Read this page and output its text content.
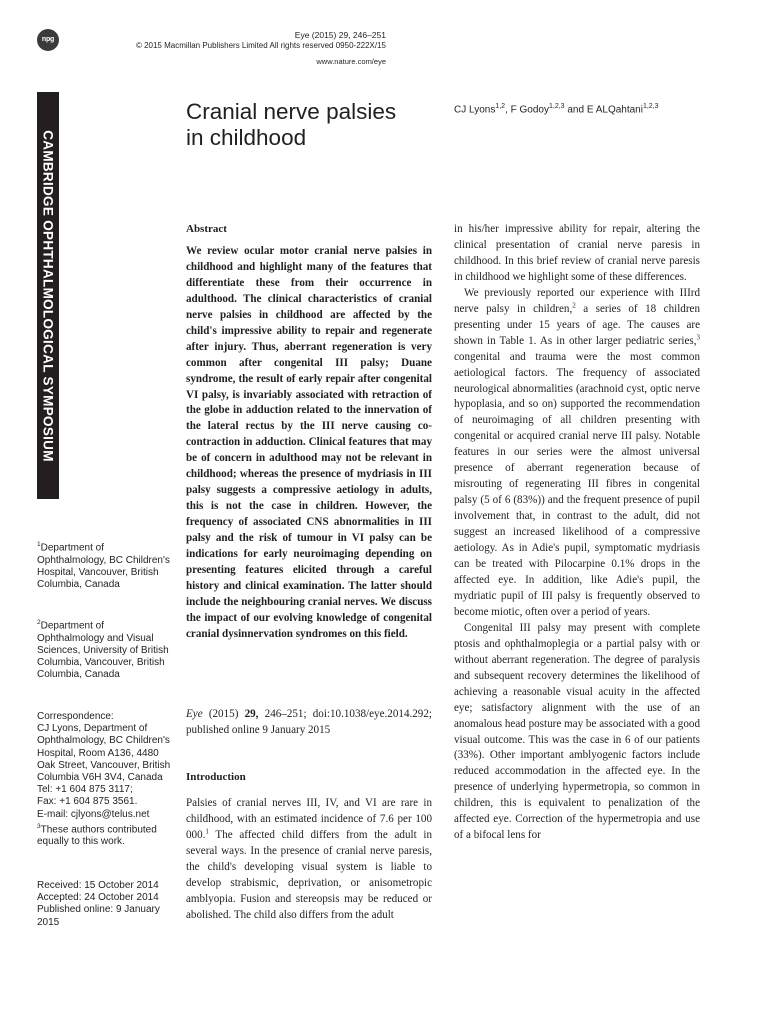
npg	Eye (2015) 29, 246–251
© 2015 Macmillan Publishers Limited All rights reserved 0950-222X/15
www.nature.com/eye
CAMBRIDGE OPHTHALMOLOGICAL SYMPOSIUM
Cranial nerve palsies
in childhood
CJ Lyons$^{1,2}$, F Godoy$^{1,2,3}$ and E ALQahtani$^{1,2,3}$

$^1$Department of Ophthalmology, BC Children's Hospital, Vancouver, British Columbia, Canada

$^2$Department of Ophthalmology and Visual Sciences, University of British Columbia, Vancouver, British Columbia, Canada

Correspondence:

CJ Lyons, Department of Ophthalmology, BC Children's Hospital, Room A136, 4480 Oak Street, Vancouver, British Columbia V6H 3V4, Canada

Tel: +1 604 875 3117;

Fax: +1 604 875 3561.

E-mail: cjlyons@telus.net

$^3$These authors contributed equally to this work.

Received: 15 October 2014

Accepted: 24 October 2014

Published online: 9 January 2015

Abstract

We review ocular motor cranial nerve palsies in childhood and highlight many of the features that differentiate these from their occurrence in adulthood. The clinical characteristics of cranial nerve palsies in childhood are affected by the child's impressive ability to repair and regenerate after injury. Thus, aberrant regeneration is very common after congenital III palsy; Duane syndrome, the result of early repair after congenital VI palsy, is invariably associated with retraction of the globe in adduction related to the innervation of the lateral rectus by the III nerve causing co-contraction in adduction. Clinical features that may be of concern in adulthood may not be relevant in childhood; whereas the presence of mydriasis in III palsy suggests a compressive aetiology in adults, this is not the case in children. However, the frequency of associated CNS abnormalities in III palsy and the risk of tumour in VI palsy can be indications for early neuroimaging depending on presenting features elicited through a careful history and clinical examination. The latter should include the neighbouring cranial nerves. We discuss the impact of our evolving knowledge of congenital cranial dysinnervation syndromes on this field.

Eye (2015) 29, 246–251; doi:10.1038/eye.2014.292; published online 9 January 2015
Introduction

Palsies of cranial nerves III, IV, and VI are rare in childhood, with an estimated incidence of 7.6 per 100 000.$^1$ The affected child differs from the adult in several ways. In the presence of cranial nerve paresis, the child's developing visual system is liable to develop strabismic, deprivation, or anisometropic amblyopia. Fusion and stereopsis may be reduced or abolished. The child also differs from the adult

in his/her impressive ability for repair, altering the clinical presentation of cranial nerve paresis in childhood. In this brief review of cranial nerve paresis in childhood we highlight some of these differences.

We previously reported our experience with IIIrd nerve palsy in children,$^2$ a series of 18 children presenting under 15 years of age. The causes are shown in Table 1. As in other larger pediatric series,$^3$ congenital and trauma were the most common aetiological factors. The frequency of associated neurological abnormalities (arachnoid cyst, optic nerve hypoplasia, and so on) supported the recommendation of neuroimaging of all children presenting with congenital or acquired cranial nerve III palsy. Notable features in our series were the almost universal presence of aberrant regeneration because of misrouting of regenerating III fibres in congenital palsy (5 of 6 (83%)) and the frequent presence of pupil involvement that, in contrast to the adult, did not suggest an increased likelihood of a compressive aetiology. As in Adie's pupil, symptomatic mydriasis can be treated with Pilocarpine 0.1% drops in the affected eye. In addition, like Adie's pupil, the mydriatic pupil of III palsy is frequently observed to become miotic, often over a period of years.

Congenital III palsy may present with complete ptosis and ophthalmoplegia or a partial palsy with or without aberrant regeneration. The degree of paralysis and subsequent recovery determines the likelihood of achieving a reasonable visual acuity in the affected eye; satisfactory alignment with the use of an anomalous head posture may be associated with a good visual outcome. This was the case in 6 of our patients (33%). Other important amblyogenic factors include reduced accommodation in the affected eye. In the presence of underlying hypermetropia, so common in children, this is equivalent to penalization of the affected eye. Correction of the hypermetropia and use of a bifocal lens for
